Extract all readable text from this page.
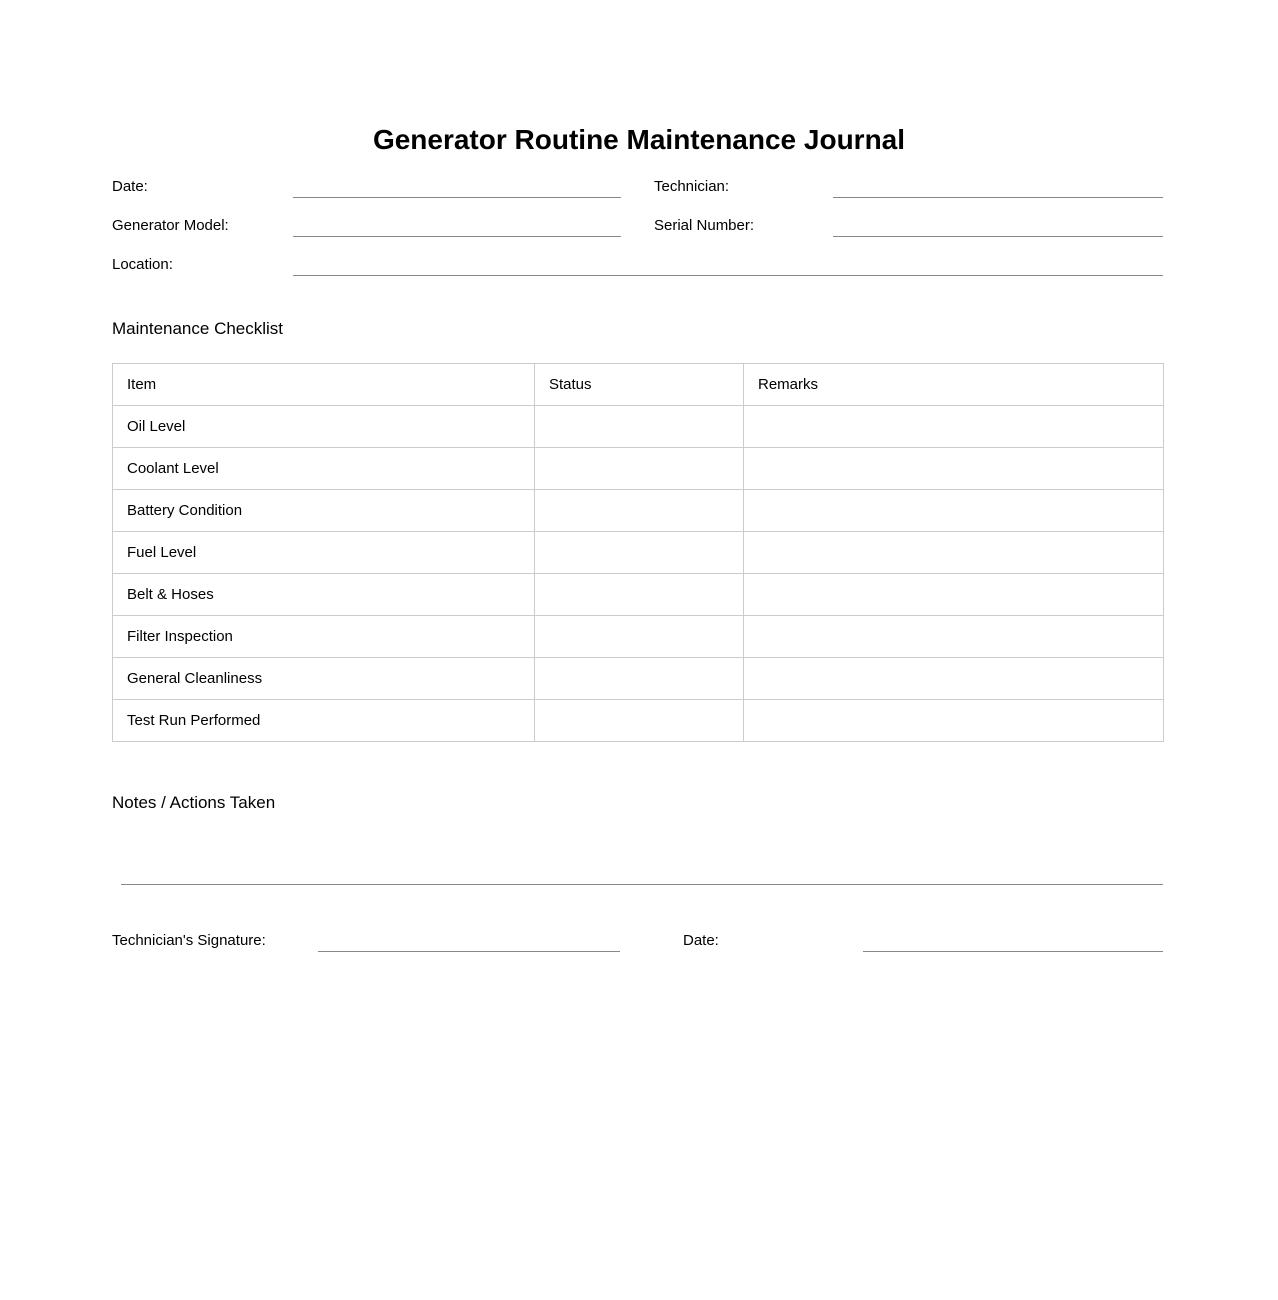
Generator Routine Maintenance Journal
Date:	Technician:
Generator Model:	Serial Number:
Location:
Maintenance Checklist
Item	Status	Remarks
Oil Level		
Coolant Level		
Battery Condition		
Fuel Level		
Belt & Hoses		
Filter Inspection		
General Cleanliness		
Test Run Performed		
Notes / Actions Taken
Technician's Signature:	Date:
